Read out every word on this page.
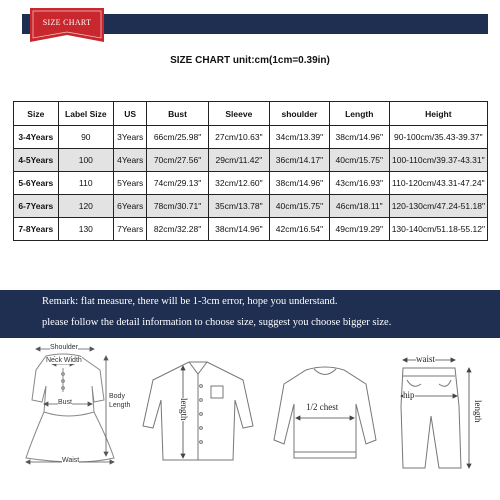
SIZE CHART
SIZE CHART unit:cm(1cm=0.39in)
Size	Label Size	US	Bust	Sleeve	shoulder	Length	Height
3-4Years	90	3Years	66cm/25.98"	27cm/10.63"	34cm/13.39"	38cm/14.96"	90-100cm/35.43-39.37"
4-5Years	100	4Years	70cm/27.56"	29cm/11.42"	36cm/14.17"	40cm/15.75"	100-110cm/39.37-43.31"
5-6Years	110	5Years	74cm/29.13"	32cm/12.60"	38cm/14.96"	43cm/16.93"	110-120cm/43.31-47.24"
6-7Years	120	6Years	78cm/30.71"	35cm/13.78"	40cm/15.75"	46cm/18.11"	120-130cm/47.24-51.18"
7-8Years	130	7Years	82cm/32.28"	38cm/14.96"	42cm/16.54"	49cm/19.29"	130-140cm/51.18-55.12"
Remark: flat measure, there will be 1-3cm error, hope you understand.
please follow the detail information to choose size, suggest you choose bigger size.
Shoulder
Neck Width
Bust
Waist
Body Length	length	1/2 chest
waist
hip
length
